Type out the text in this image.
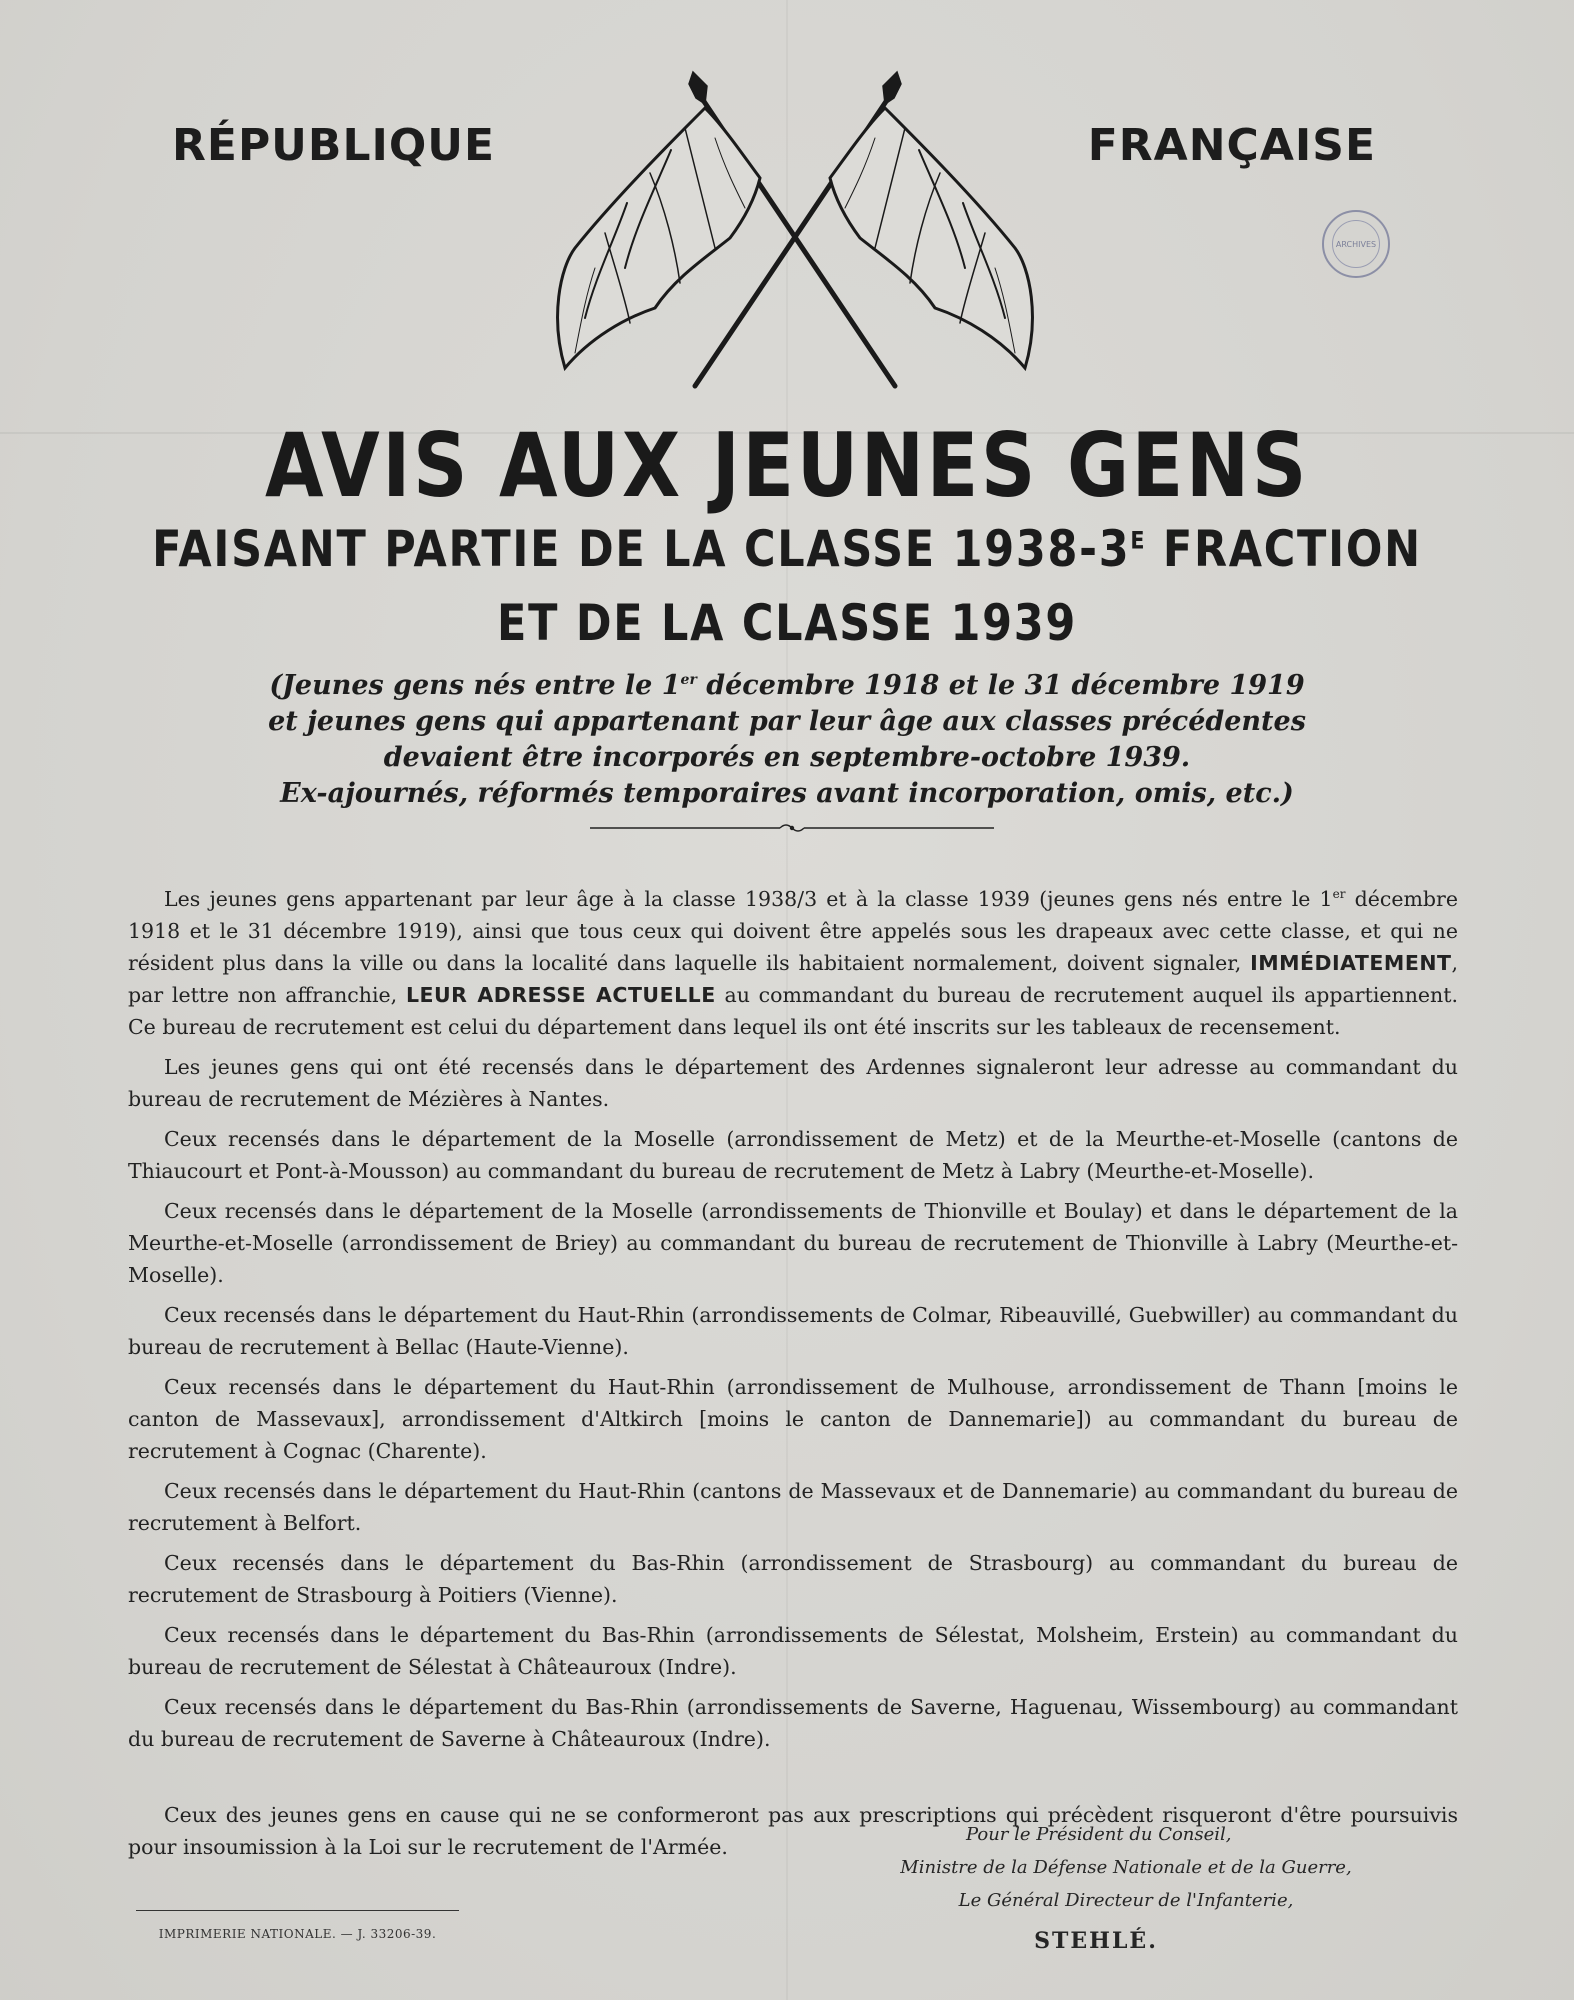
RÉPUBLIQUE	FRANÇAISE
ARCHIVES
AVIS AUX JEUNES GENS
FAISANT PARTIE DE LA CLASSE $1938-3^E$ FRACTION
ET DE LA CLASSE 1939
(Jeunes gens nés entre le 1er décembre 1918 et le 31 décembre 1919
et jeunes gens qui appartenant par leur âge aux classes précédentes
devaient être incorporés en septembre-octobre 1939.
Ex-ajournés, réformés temporaires avant incorporation, omis, etc.)

Les jeunes gens appartenant par leur âge à la classe 1938/3 et à la classe 1939 (jeunes gens nés entre le 1er décembre 1918 et le 31 décembre 1919), ainsi que tous ceux qui doivent être appelés sous les drapeaux avec cette classe, et qui ne résident plus dans la ville ou dans la localité dans laquelle ils habitaient normalement, doivent signaler, IMMÉDIATEMENT, par lettre non affranchie, LEUR ADRESSE ACTUELLE au commandant du bureau de recrutement auquel ils appartiennent. Ce bureau de recrutement est celui du département dans lequel ils ont été inscrits sur les tableaux de recensement.

Les jeunes gens qui ont été recensés dans le département des Ardennes signaleront leur adresse au commandant du bureau de recrutement de Mézières à Nantes.

Ceux recensés dans le département de la Moselle (arrondissement de Metz) et de la Meurthe-et-Moselle (cantons de Thiaucourt et Pont-à-Mousson) au commandant du bureau de recrutement de Metz à Labry (Meurthe-et-Moselle).

Ceux recensés dans le département de la Moselle (arrondissements de Thionville et Boulay) et dans le département de la Meurthe-et-Moselle (arrondissement de Briey) au commandant du bureau de recrutement de Thionville à Labry (Meurthe-et-Moselle).

Ceux recensés dans le département du Haut-Rhin (arrondissements de Colmar, Ribeauvillé, Guebwiller) au commandant du bureau de recrutement à Bellac (Haute-Vienne).

Ceux recensés dans le département du Haut-Rhin (arrondissement de Mulhouse, arrondissement de Thann [moins le canton de Massevaux], arrondissement d'Altkirch [moins le canton de Dannemarie]) au commandant du bureau de recrutement à Cognac (Charente).

Ceux recensés dans le département du Haut-Rhin (cantons de Massevaux et de Dannemarie) au commandant du bureau de recrutement à Belfort.

Ceux recensés dans le département du Bas-Rhin (arrondissement de Strasbourg) au commandant du bureau de recrutement de Strasbourg à Poitiers (Vienne).

Ceux recensés dans le département du Bas-Rhin (arrondissements de Sélestat, Molsheim, Erstein) au commandant du bureau de recrutement de Sélestat à Châteauroux (Indre).

Ceux recensés dans le département du Bas-Rhin (arrondissements de Saverne, Haguenau, Wissembourg) au commandant du bureau de recrutement de Saverne à Châteauroux (Indre).

Ceux des jeunes gens en cause qui ne se conformeront pas aux prescriptions qui précèdent risqueront d'être poursuivis pour insoumission à la Loi sur le recrutement de l'Armée.

Pour le Président du Conseil,
Ministre de la Défense Nationale et de la Guerre,
Le Général Directeur de l'Infanterie,
STEHLÉ.
IMPRIMERIE NATIONALE. — J. 33206-39.
